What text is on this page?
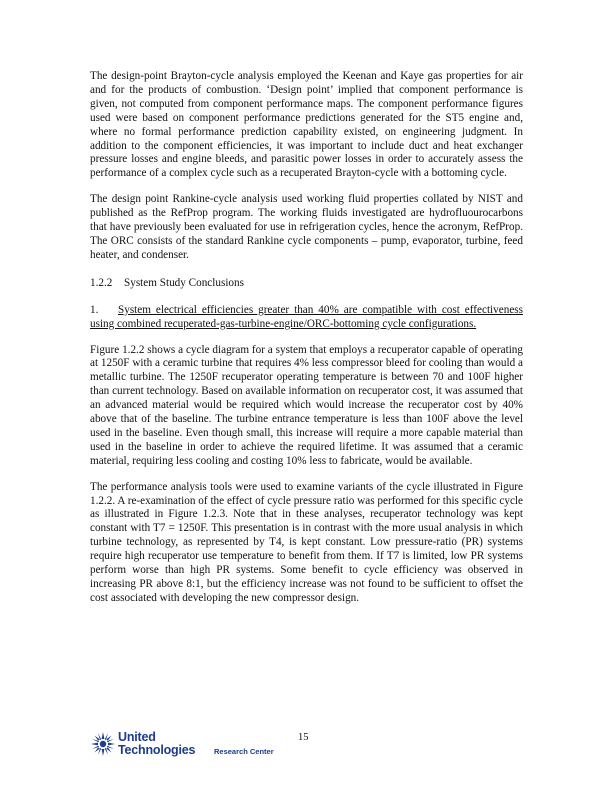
The design-point Brayton-cycle analysis employed the Keenan and Kaye gas properties for air and for the products of combustion. ‘Design point’ implied that component performance is given, not computed from component performance maps. The component performance figures used were based on component performance predictions generated for the ST5 engine and, where no formal performance prediction capability existed, on engineering judgment. In addition to the component efficiencies, it was important to include duct and heat exchanger pressure losses and engine bleeds, and parasitic power losses in order to accurately assess the performance of a complex cycle such as a recuperated Brayton-cycle with a bottoming cycle.

The design point Rankine-cycle analysis used working fluid properties collated by NIST and published as the RefProp program. The working fluids investigated are hydrofluourocarbons that have previously been evaluated for use in refrigeration cycles, hence the acronym, RefProp. The ORC consists of the standard Rankine cycle components – pump, evaporator, turbine, feed heater, and condenser.

1.2.2 System Study Conclusions
1. System electrical efficiencies greater than 40% are compatible with cost effectiveness using combined recuperated-gas-turbine-engine/ORC-bottoming cycle configurations.

Figure 1.2.2 shows a cycle diagram for a system that employs a recuperator capable of operating at 1250F with a ceramic turbine that requires 4% less compressor bleed for cooling than would a metallic turbine. The 1250F recuperator operating temperature is between 70 and 100F higher than current technology. Based on available information on recuperator cost, it was assumed that an advanced material would be required which would increase the recuperator cost by 40% above that of the baseline. The turbine entrance temperature is less than 100F above the level used in the baseline. Even though small, this increase will require a more capable material than used in the baseline in order to achieve the required lifetime. It was assumed that a ceramic material, requiring less cooling and costing 10% less to fabricate, would be available.

The performance analysis tools were used to examine variants of the cycle illustrated in Figure 1.2.2. A re-examination of the effect of cycle pressure ratio was performed for this specific cycle as illustrated in Figure 1.2.3. Note that in these analyses, recuperator technology was kept constant with T7 = 1250F. This presentation is in contrast with the more usual analysis in which turbine technology, as represented by T4, is kept constant. Low pressure-ratio (PR) systems require high recuperator use temperature to benefit from them. If T7 is limited, low PR systems perform worse than high PR systems. Some benefit to cycle efficiency was observed in increasing PR above 8:1, but the efficiency increase was not found to be sufficient to offset the cost associated with developing the new compressor design.

United
Technologies	Research Center
15
